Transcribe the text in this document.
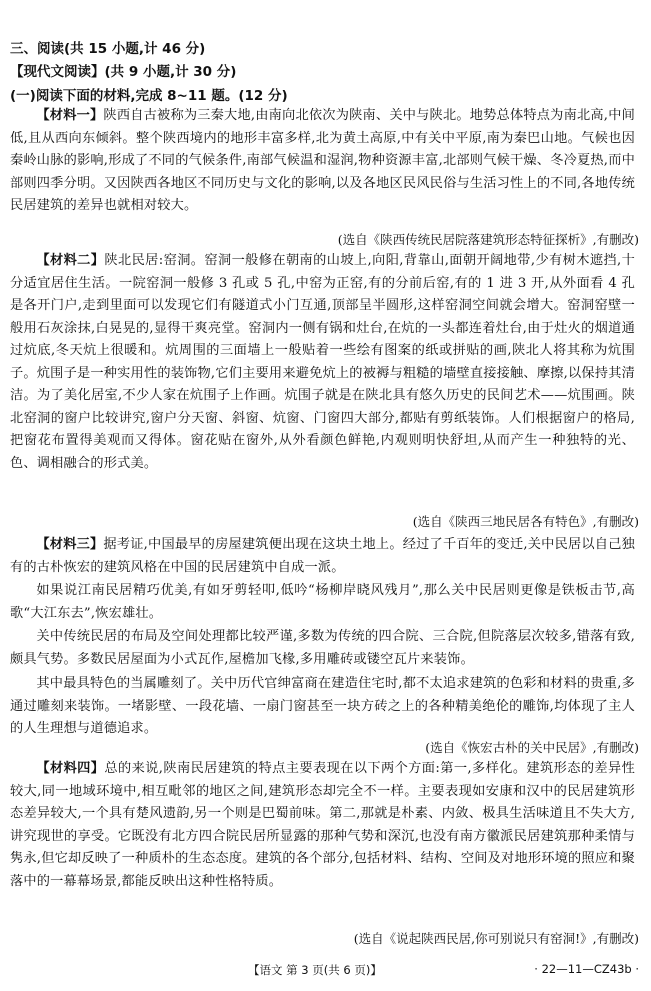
三、阅读(共 15 小题,计 46 分)
【现代文阅读】(共 9 小题,计 30 分)
(一)阅读下面的材料,完成 8~11 题。(12 分)
【材料一】陕西自古被称为三秦大地,由南向北依次为陕南、关中与陕北。地势总体特点为南北高,中间低,且从西向东倾斜。整个陕西境内的地形丰富多样,北为黄土高原,中有关中平原,南为秦巴山地。气候也因秦岭山脉的影响,形成了不同的气候条件,南部气候温和湿润,物种资源丰富,北部则气候干燥、冬冷夏热,而中部则四季分明。又因陕西各地区不同历史与文化的影响,以及各地区民风民俗与生活习性上的不同,各地传统民居建筑的差异也就相对较大。
(选自《陕西传统民居院落建筑形态特征探析》,有删改)
【材料二】陕北民居:窑洞。窑洞一般修在朝南的山坡上,向阳,背靠山,面朝开阔地带,少有树木遮挡,十分适宜居住生活。一院窑洞一般修 3 孔或 5 孔,中窑为正窑,有的分前后窑,有的 1 进 3 开,从外面看 4 孔是各开门户,走到里面可以发现它们有隧道式小门互通,顶部呈半圆形,这样窑洞空间就会增大。窑洞窑壁一般用石灰涂抹,白晃晃的,显得干爽亮堂。窑洞内一侧有锅和灶台,在炕的一头都连着灶台,由于灶火的烟道通过炕底,冬天炕上很暖和。炕周围的三面墙上一般贴着一些绘有图案的纸或拼贴的画,陕北人将其称为炕围子。炕围子是一种实用性的装饰物,它们主要用来避免炕上的被褥与粗糙的墙壁直接接触、摩擦,以保持其清洁。为了美化居室,不少人家在炕围子上作画。炕围子就是在陕北具有悠久历史的民间艺术——炕围画。陕北窑洞的窗户比较讲究,窗户分天窗、斜窗、炕窗、门窗四大部分,都贴有剪纸装饰。人们根据窗户的格局,把窗花布置得美观而又得体。窗花贴在窗外,从外看颜色鲜艳,内观则明快舒坦,从而产生一种独特的光、色、调相融合的形式美。
(选自《陕西三地民居各有特色》,有删改)
【材料三】据考证,中国最早的房屋建筑便出现在这块土地上。经过了千百年的变迁,关中民居以自己独有的古朴恢宏的建筑风格在中国的民居建筑中自成一派。
如果说江南民居精巧优美,有如牙剪轻叩,低吟“杨柳岸晓风残月”,那么关中民居则更像是铁板击节,高歌“大江东去”,恢宏雄壮。
关中传统民居的布局及空间处理都比较严谨,多数为传统的四合院、三合院,但院落层次较多,错落有致,颇具气势。多数民居屋面为小式瓦作,屋檐加飞椽,多用雕砖或镂空瓦片来装饰。
其中最具特色的当属雕刻了。关中历代官绅富商在建造住宅时,都不太追求建筑的色彩和材料的贵重,多通过雕刻来装饰。一堵影壁、一段花墙、一扇门窗甚至一块方砖之上的各种精美绝伦的雕饰,均体现了主人的人生理想与道德追求。
(选自《恢宏古朴的关中民居》,有删改)
【材料四】总的来说,陕南民居建筑的特点主要表现在以下两个方面:第一,多样化。建筑形态的差异性较大,同一地域环境中,相互毗邻的地区之间,建筑形态却完全不一样。主要表现如安康和汉中的民居建筑形态差异较大,一个具有楚风遗韵,另一个则是巴蜀前味。第二,那就是朴素、内敛、极具生活味道且不失大方,讲究现世的享受。它既没有北方四合院民居所显露的那种气势和深沉,也没有南方徽派民居建筑那种柔情与隽永,但它却反映了一种质朴的生态态度。建筑的各个部分,包括材料、结构、空间及对地形环境的照应和聚落中的一幕幕场景,都能反映出这种性格特质。
(选自《说起陕西民居,你可别说只有窑洞!》,有删改)
【语文 第 3 页(共 6 页)】	· 22—11—CZ43b ·
